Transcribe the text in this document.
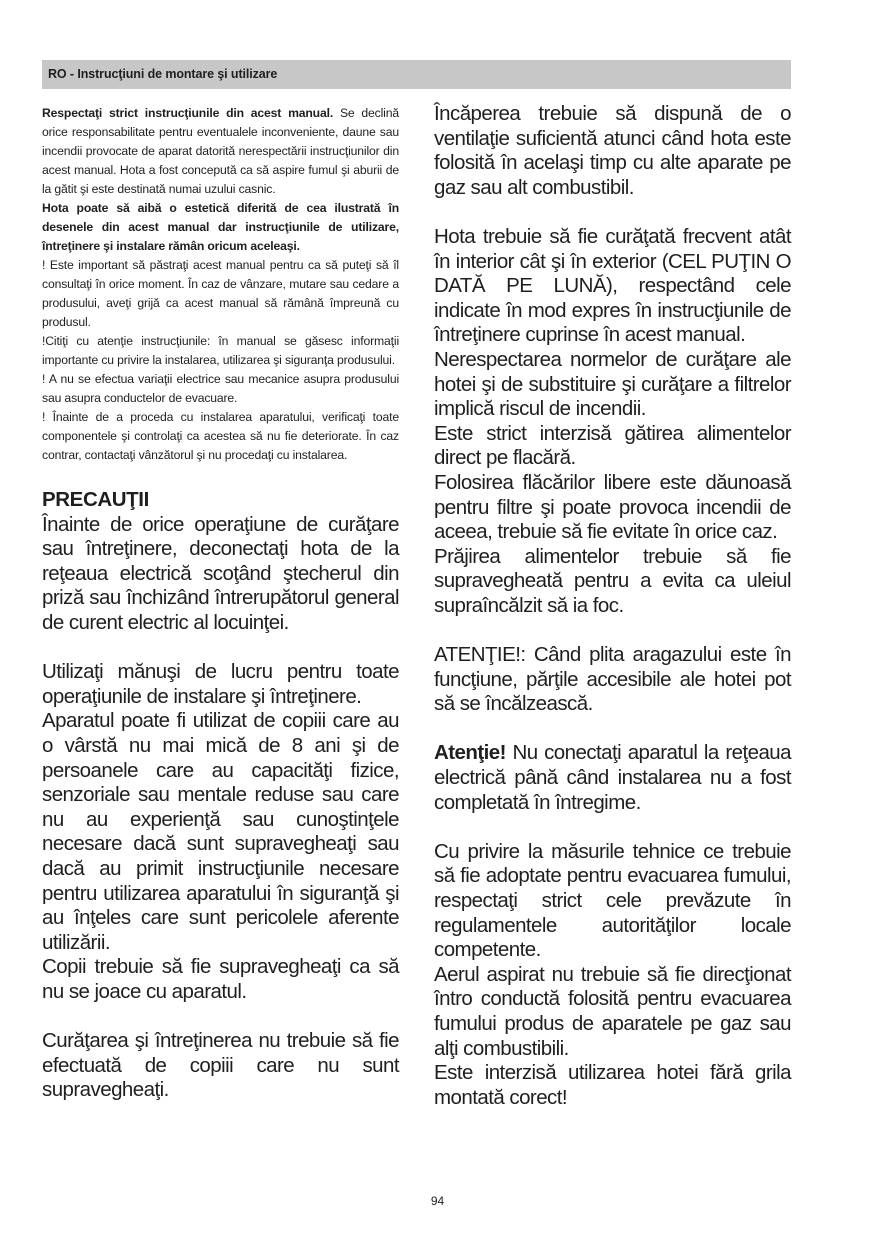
RO - Instrucţiuni de montare şi utilizare

Respectaţi strict instrucţiunile din acest manual. Se declină orice responsabilitate pentru eventualele inconveniente, daune sau incendii provocate de aparat datorită nerespectării instrucţiunilor din acest manual. Hota a fost concepută ca să aspire fumul şi aburii de la gătit şi este destinată numai uzului casnic.

Hota poate să aibă o estetică diferită de cea ilustrată în desenele din acest manual dar instrucţiunile de utilizare, întreţinere şi instalare rămân oricum aceleaşi.

! Este important să păstraţi acest manual pentru ca să puteţi să îl consultaţi în orice moment. În caz de vânzare, mutare sau cedare a produsului, aveţi grijă ca acest manual să rămână împreună cu produsul.

!Citiţi cu atenţie instrucţiunile: în manual se găsesc informaţii importante cu privire la instalarea, utilizarea şi siguranţa produsului.

! A nu se efectua variaţii electrice sau mecanice asupra produsului sau asupra conductelor de evacuare.

! Înainte de a proceda cu instalarea aparatului, verificaţi toate componentele şi controlaţi ca acestea să nu fie deteriorate. În caz contrar, contactaţi vânzătorul şi nu procedaţi cu instalarea.

PRECAUŢII

Înainte de orice operaţiune de curăţare sau întreţinere, deconectaţi hota de la reţeaua electrică scoţând ştecherul din priză sau închizând întrerupătorul general de curent electric al locuinţei.

Utilizaţi mănuşi de lucru pentru toate operaţiunile de instalare şi întreţinere.

Aparatul poate fi utilizat de copiii care au o vârstă nu mai mică de 8 ani şi de persoanele care au capacităţi fizice, senzoriale sau mentale reduse sau care nu au experienţă sau cunoştinţele necesare dacă sunt supravegheaţi sau dacă au primit instrucţiunile necesare pentru utilizarea aparatului în siguranţă şi au înţeles care sunt pericolele aferente utilizării.

Copii trebuie să fie supravegheaţi ca să nu se joace cu aparatul.

Curăţarea şi întreţinerea nu trebuie să fie efectuată de copiii care nu sunt supravegheaţi.

Încăperea trebuie să dispună de o ventilaţie suficientă atunci când hota este folosită în acelaşi timp cu alte aparate pe gaz sau alt combustibil.

Hota trebuie să fie curăţată frecvent atât în interior cât şi în exterior (CEL PUŢIN O DATĂ PE LUNĂ), respectând cele indicate în mod expres în instrucţiunile de întreţinere cuprinse în acest manual.

Nerespectarea normelor de curăţare ale hotei şi de substituire şi curăţare a filtrelor implică riscul de incendii.

Este strict interzisă gătirea alimentelor direct pe flacără.

Folosirea flăcărilor libere este dăunoasă pentru filtre şi poate provoca incendii de aceea, trebuie să fie evitate în orice caz.

Prăjirea alimentelor trebuie să fie supravegheată pentru a evita ca uleiul supraîncălzit să ia foc.

ATENŢIE!: Când plita aragazului este în funcţiune, părţile accesibile ale hotei pot să se încălzească.

Atenţie! Nu conectaţi aparatul la reţeaua electrică până când instalarea nu a fost completată în întregime.

Cu privire la măsurile tehnice ce trebuie să fie adoptate pentru evacuarea fumului, respectaţi strict cele prevăzute în regulamentele autorităţilor locale competente.

Aerul aspirat nu trebuie să fie direcţionat întro conductă folosită pentru evacuarea fumului produs de aparatele pe gaz sau alţi combustibili.

Este interzisă utilizarea hotei fără grila montată corect!

94
